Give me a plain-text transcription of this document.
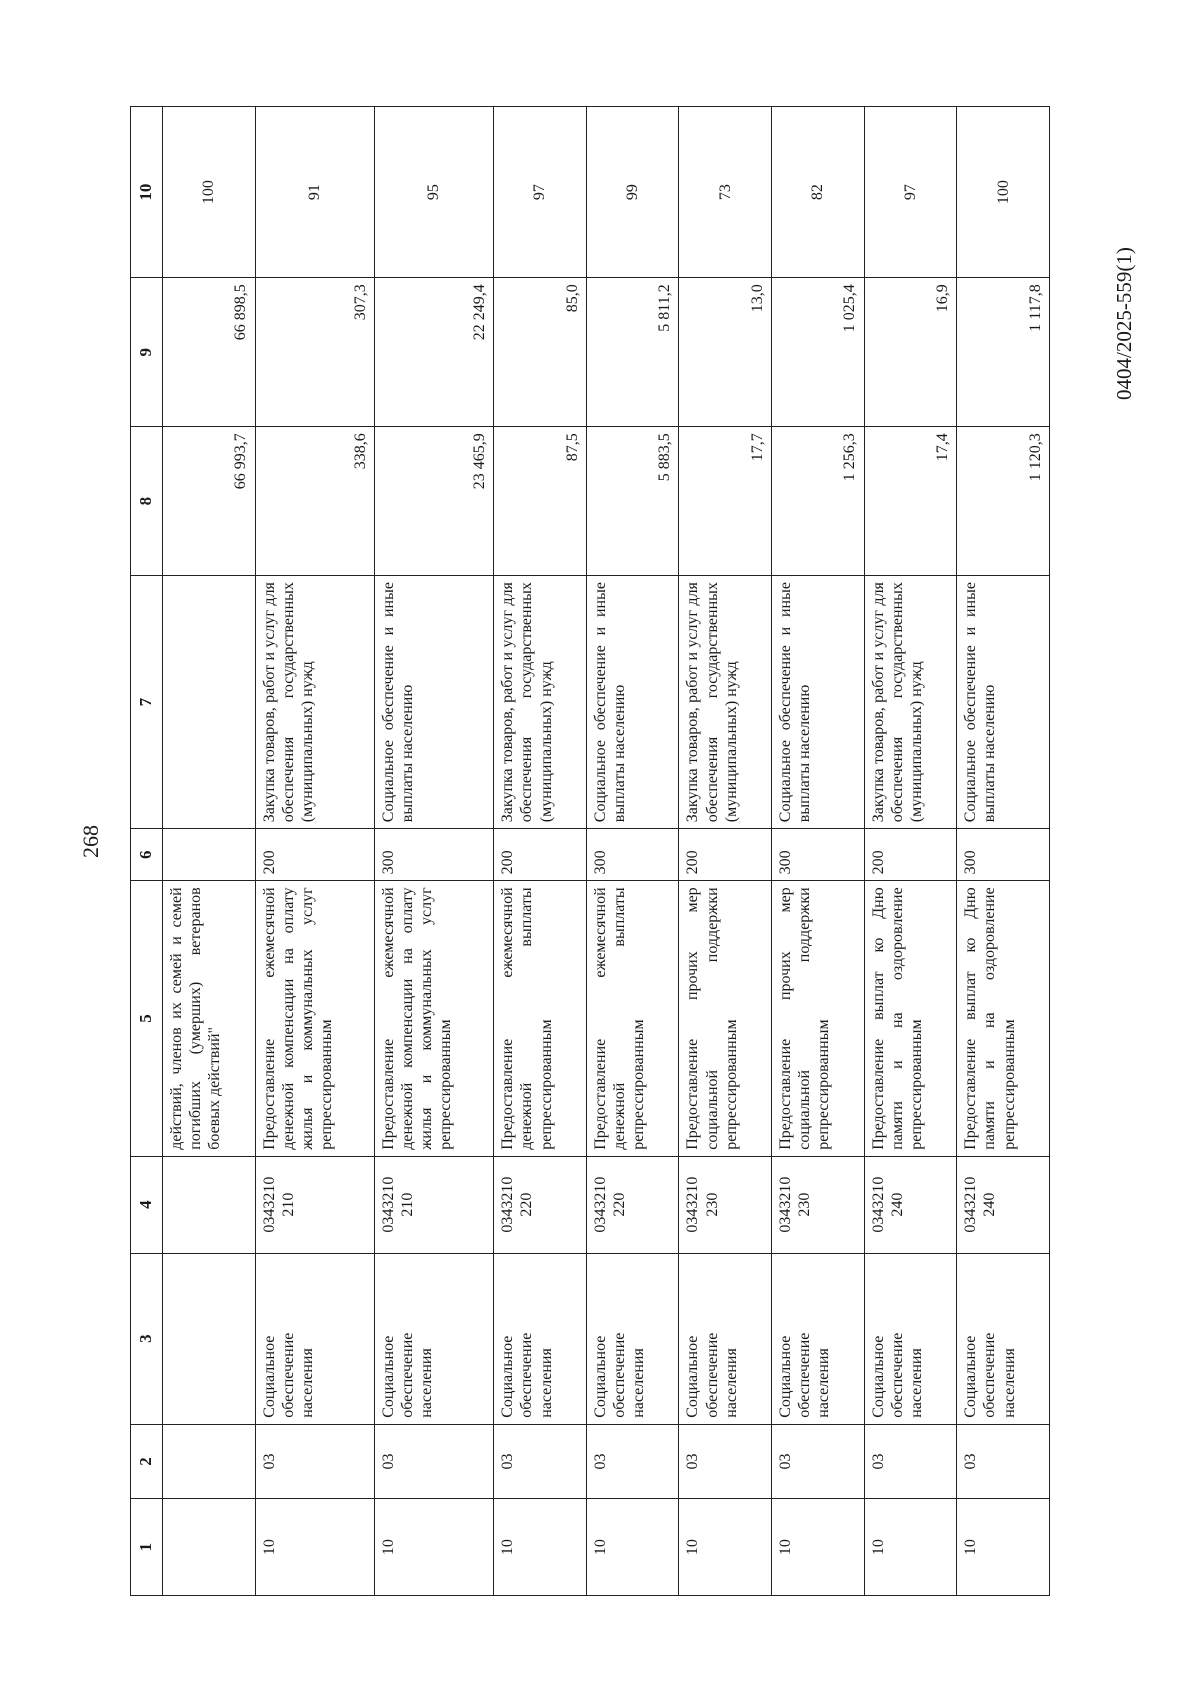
268
0404/2025-559(1)
1	2	3	4	5	6	7	8	9	10
				действий, членов их семей и семей погибших (умерших) ветеранов боевых действий"			66 993,7	66 898,5	100
10	03	Социальное обеспечение населения	0343210 210	Предоставление ежемесячной денежной компенсации на оплату жилья и коммунальных услуг репрессированным	200	Закупка товаров, работ и услуг для обеспечения государственных (муниципальных) нужд	338,6	307,3	91
10	03	Социальное обеспечение населения	0343210 210	Предоставление ежемесячной денежной компенсации на оплату жилья и коммунальных услуг репрессированным	300	Социальное обеспечение и иные выплаты населению	23 465,9	22 249,4	95
10	03	Социальное обеспечение населения	0343210 220	Предоставление ежемесячной денежной выплаты репрессированным	200	Закупка товаров, работ и услуг для обеспечения государственных (муниципальных) нужд	87,5	85,0	97
10	03	Социальное обеспечение населения	0343210 220	Предоставление ежемесячной денежной выплаты репрессированным	300	Социальное обеспечение и иные выплаты населению	5 883,5	5 811,2	99
10	03	Социальное обеспечение населения	0343210 230	Предоставление прочих мер социальной поддержки репрессированным	200	Закупка товаров, работ и услуг для обеспечения государственных (муниципальных) нужд	17,7	13,0	73
10	03	Социальное обеспечение населения	0343210 230	Предоставление прочих мер социальной поддержки репрессированным	300	Социальное обеспечение и иные выплаты населению	1 256,3	1 025,4	82
10	03	Социальное обеспечение населения	0343210 240	Предоставление выплат ко Дню памяти и на оздоровление репрессированным	200	Закупка товаров, работ и услуг для обеспечения государственных (муниципальных) нужд	17,4	16,9	97
10	03	Социальное обеспечение населения	0343210 240	Предоставление выплат ко Дню памяти и на оздоровление репрессированным	300	Социальное обеспечение и иные выплаты населению	1 120,3	1 117,8	100
